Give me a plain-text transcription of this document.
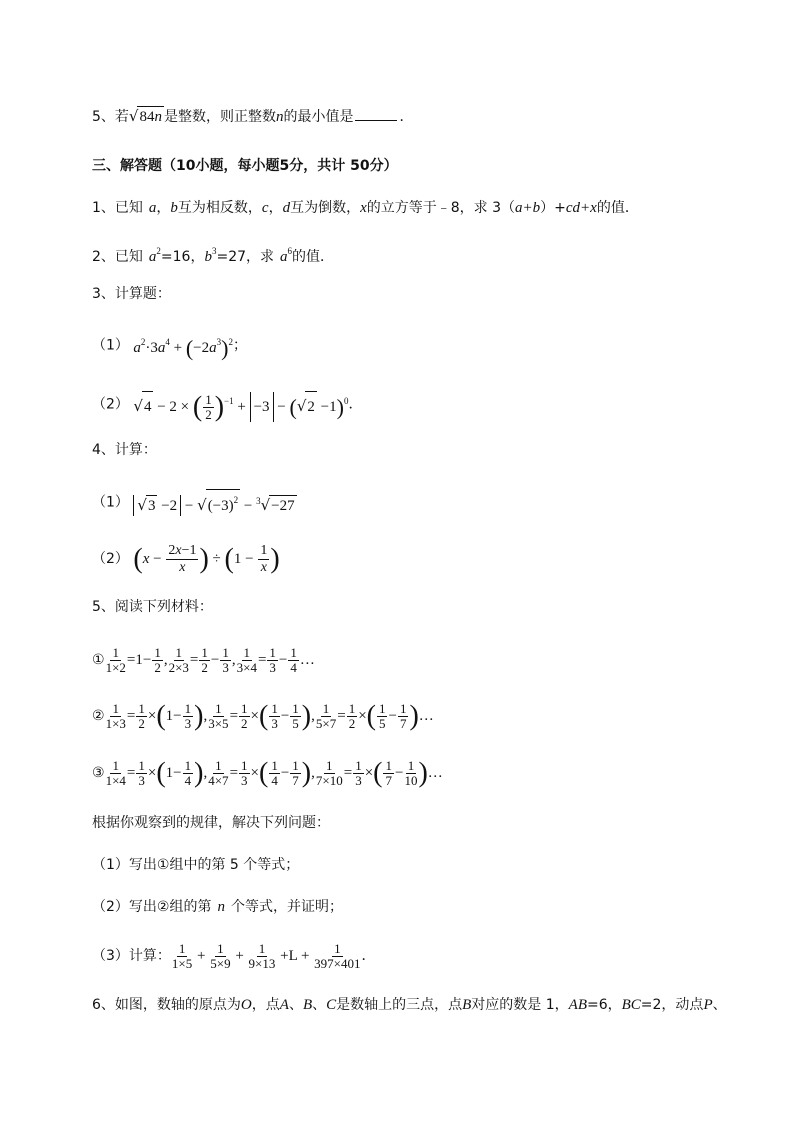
5、若√84n 是整数，则正整数n的最小值是	．
三、解答题（10小题，每小题5分，共计 50分）
1、已知 a，b互为相反数，c，d互为倒数，x的立方等于﹣8，求 3（a+b）+cd+x的值．
2、已知 $a^2=16$，$b^3=27$，求 $a^6$的值．
3、计算题：
（1） $a^2\cdot 3a^4 + (-2a^3)^2$；
（2） √4 − 2 × ( $\frac{1}{2} )^{-1} + -3 - (√2 -1)^0$．
4、计算：
（1） $√3 -2 - √(-3)^2 - ^3√-27$
（2） ($x - \frac{2x-1}{x}$ ) ÷ ($1 - \frac{1}{x}$ )
5、阅读下列材料：
① $\frac{1}{1\times 2} =1- \frac{1}{2}$ , $\frac{1}{2\times 3} = \frac{1}{2} - \frac{1}{3}$ , $\frac{1}{3\times 4} = \frac{1}{3} - \frac{1}{4}$ …
② $\frac{1}{1\times 3} = \frac{1}{2} \times(1- \frac{1}{3}$ ), $\frac{1}{3\times 5} = \frac{1}{2}$ ×( $\frac{1}{3} - \frac{1}{5}$ ), $\frac{1}{5\times 7} = \frac{1}{2}$ ×( $\frac{1}{5} - \frac{1}{7}$ )…
③ $\frac{1}{1\times 4} = \frac{1}{3} \times(1- \frac{1}{4}$ ), $\frac{1}{4\times 7} = \frac{1}{3}$ ×( $\frac{1}{4} - \frac{1}{7}$ ), $\frac{1}{7\times 10} = \frac{1}{3}$ ×( $\frac{1}{7} - \frac{1}{10}$ )…
根据你观察到的规律，解决下列问题：
（1）写出①组中的第 5 个等式；
（2）写出②组的第 n 个等式，并证明；
（3）计算： $\frac{1}{1\times 5} + \frac{1}{5\times 9} + \frac{1}{9\times 13} +L + \frac{1}{397\times 401}$ ．
6、如图，数轴的原点为O，点A、B、C是数轴上的三点，点B对应的数是 1，AB=6，BC=2，动点P、
